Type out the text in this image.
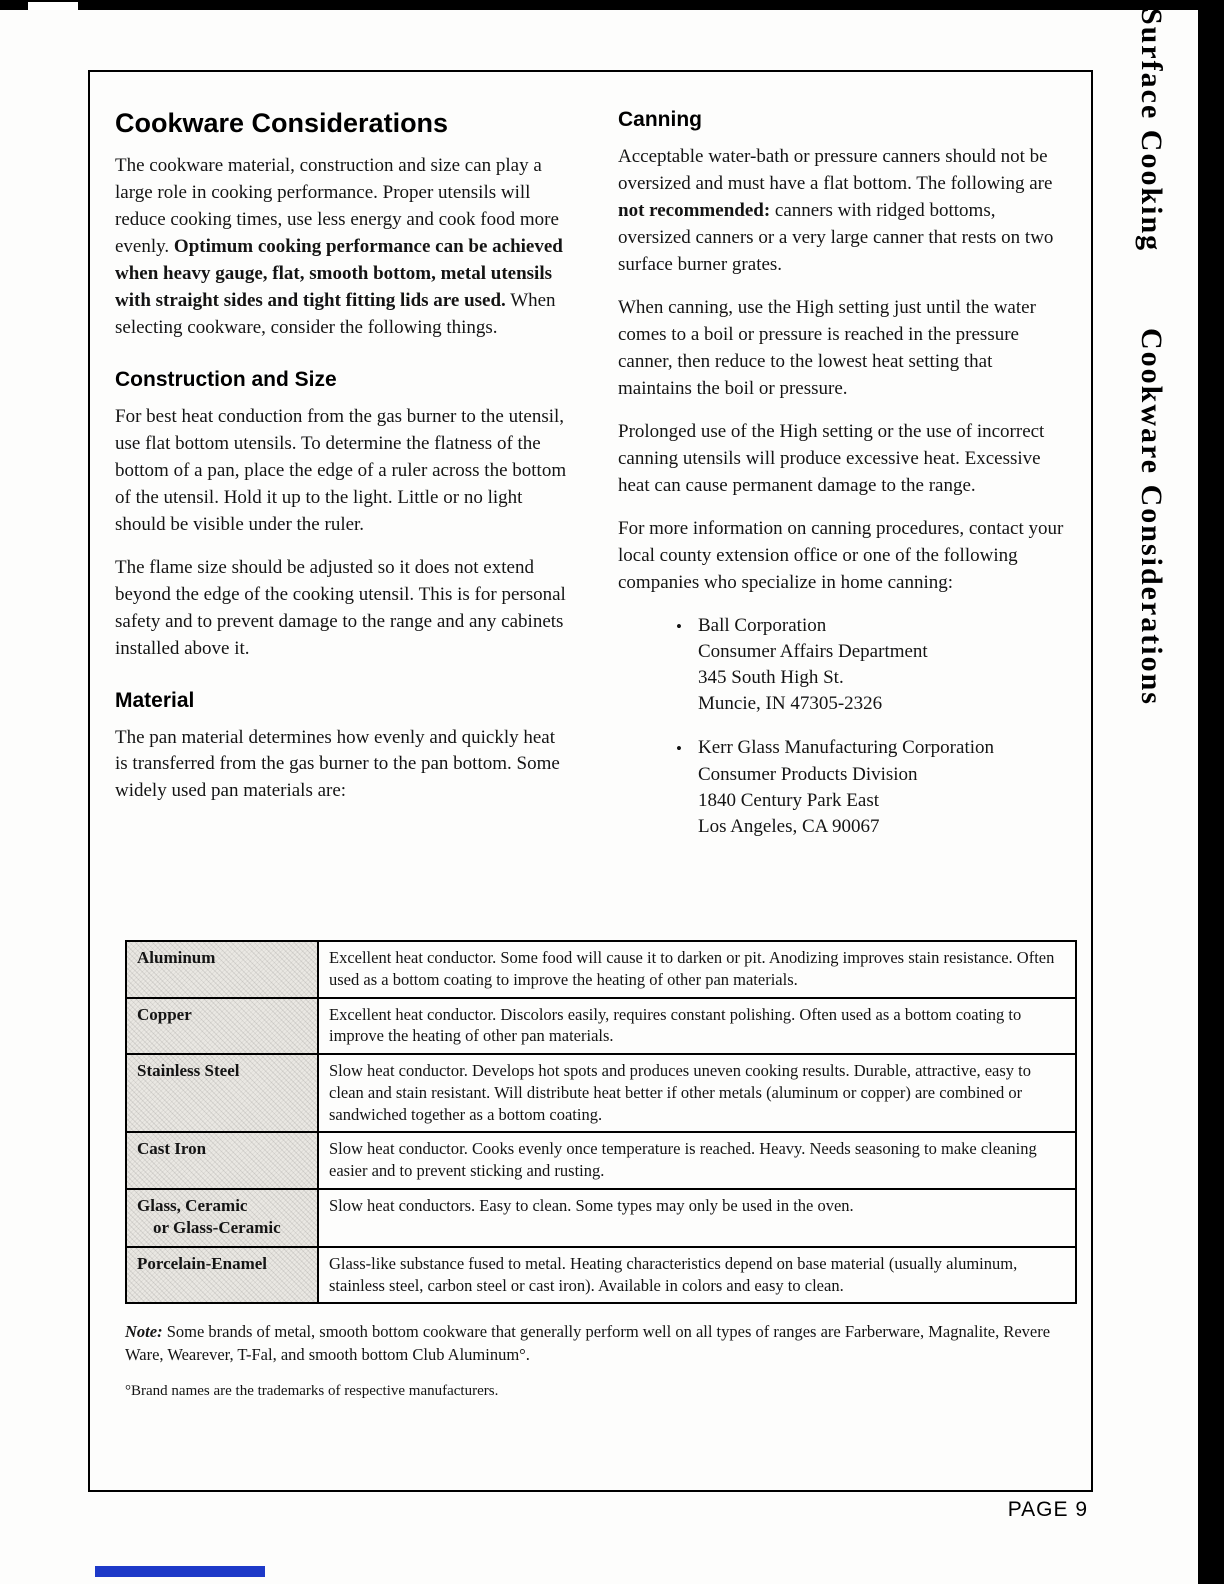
Surface Cooking
Cookware Considerations
Cookware Considerations

The cookware material, construction and size can play a large role in cooking performance. Proper utensils will reduce cooking times, use less energy and cook food more evenly. Optimum cooking performance can be achieved when heavy gauge, flat, smooth bottom, metal utensils with straight sides and tight fitting lids are used. When selecting cookware, consider the following things.

Construction and Size

For best heat conduction from the gas burner to the utensil, use flat bottom utensils. To determine the flatness of the bottom of a pan, place the edge of a ruler across the bottom of the utensil. Hold it up to the light. Little or no light should be visible under the ruler.

The flame size should be adjusted so it does not extend beyond the edge of the cooking utensil. This is for personal safety and to prevent damage to the range and any cabinets installed above it.

Material

The pan material determines how evenly and quickly heat is transferred from the gas burner to the pan bottom. Some widely used pan materials are:

Canning

Acceptable water-bath or pressure canners should not be oversized and must have a flat bottom. The following are not recommended: canners with ridged bottoms, oversized canners or a very large canner that rests on two surface burner grates.

When canning, use the High setting just until the water comes to a boil or pressure is reached in the pressure canner, then reduce to the lowest heat setting that maintains the boil or pressure.

Prolonged use of the High setting or the use of incorrect canning utensils will produce excessive heat. Excessive heat can cause permanent damage to the range.

For more information on canning procedures, contact your local county extension office or one of the following companies who specialize in home canning:

• Ball Corporation
Consumer Affairs Department
345 South High St.
Muncie, IN 47305-2326
• Kerr Glass Manufacturing Corporation
Consumer Products Division
1840 Century Park East
Los Angeles, CA 90067
Aluminum	Excellent heat conductor. Some food will cause it to darken or pit. Anodizing improves stain resistance. Often used as a bottom coating to improve the heating of other pan materials.
Copper	Excellent heat conductor. Discolors easily, requires constant polishing. Often used as a bottom coating to improve the heating of other pan materials.
Stainless Steel	Slow heat conductor. Develops hot spots and produces uneven cooking results. Durable, attractive, easy to clean and stain resistant. Will distribute heat better if other metals (aluminum or copper) are combined or sandwiched together as a bottom coating.
Cast Iron	Slow heat conductor. Cooks evenly once temperature is reached. Heavy. Needs seasoning to make cleaning easier and to prevent sticking and rusting.

Glass, Ceramic
or Glass-Ceramic	Slow heat conductors. Easy to clean. Some types may only be used in the oven.
Porcelain-Enamel	Glass-like substance fused to metal. Heating characteristics depend on base material (usually aluminum, stainless steel, carbon steel or cast iron). Available in colors and easy to clean.

Note: Some brands of metal, smooth bottom cookware that generally perform well on all types of ranges are Farberware, Magnalite, Revere Ware, Wearever, T-Fal, and smooth bottom Club Aluminum°.

°Brand names are the trademarks of respective manufacturers.

PAGE 9
